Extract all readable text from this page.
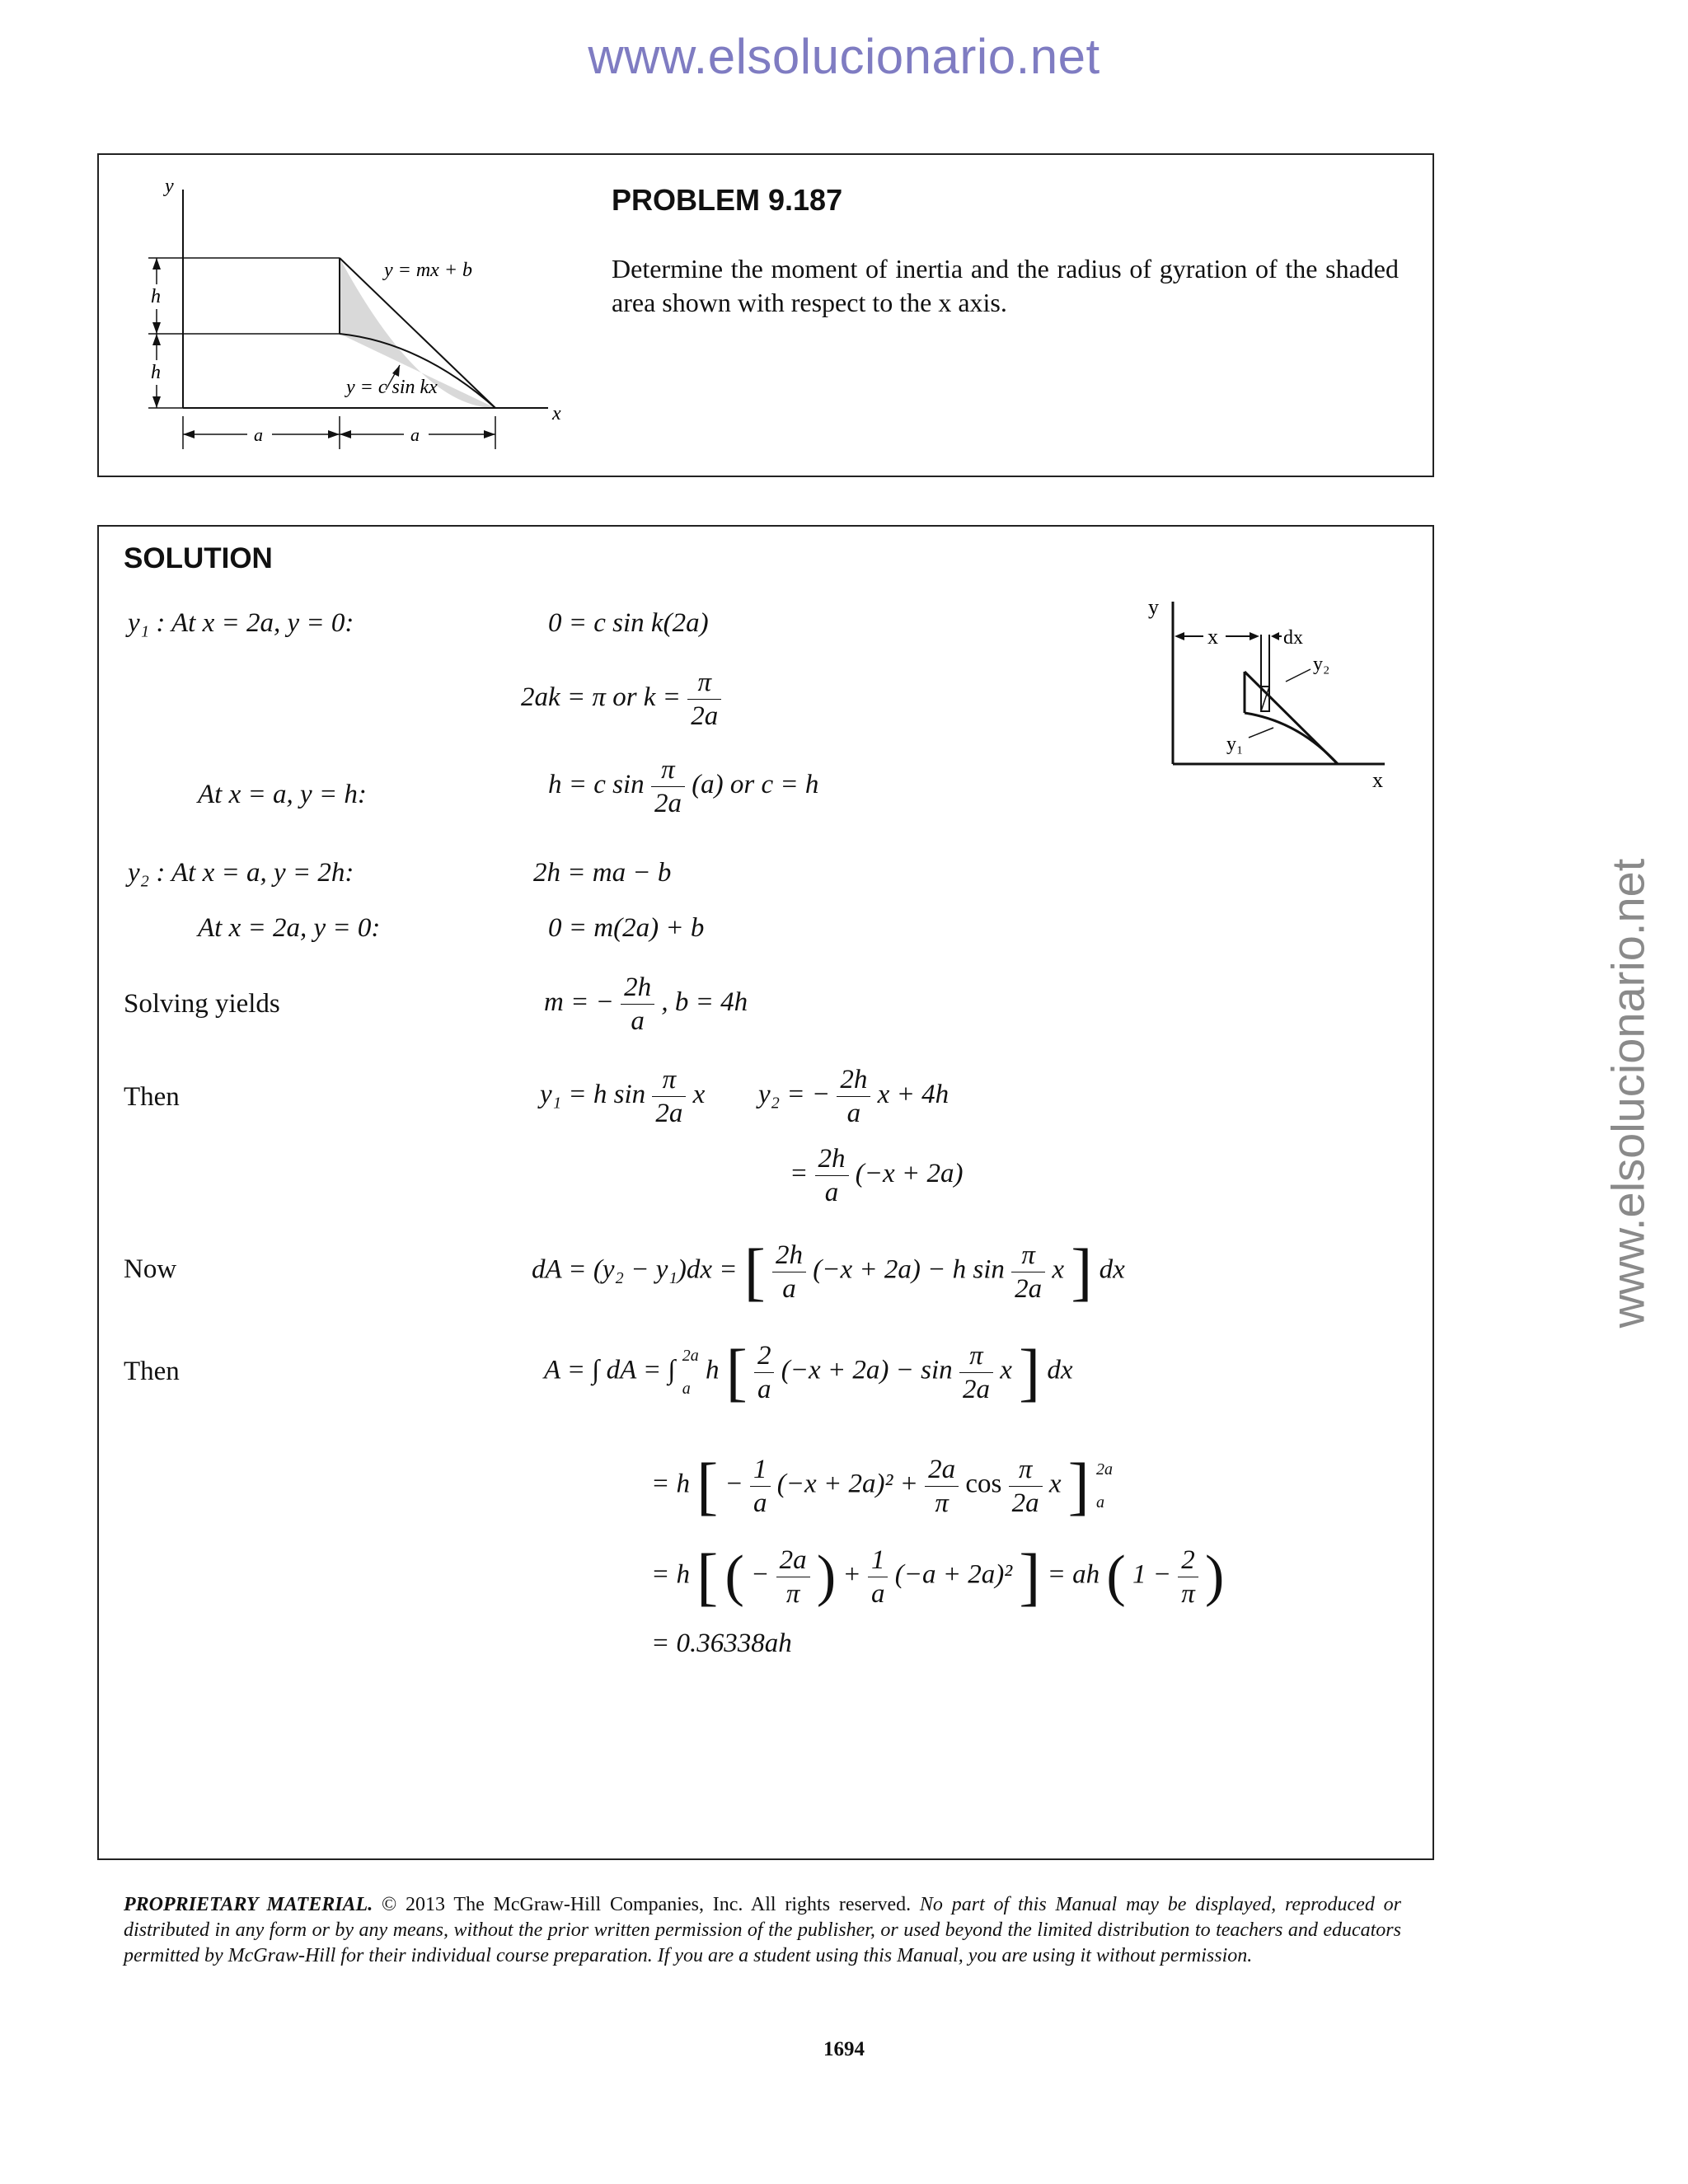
www.elsolucionario.net
www.elsolucionario.net
y
x
h
h
a	a
y = mx + b
y = c sin kx
PROBLEM 9.187
Determine the moment of inertia and the radius of gyration of the shaded area shown with respect to the x axis.
SOLUTION
y
x	dx
y₂
y₁
x
y₁ : At x = 2a, y = 0:	0 = c sin k(2a)
2ak = π or $k = \frac{\pi}{2a}$
At x = a, y = h:	h = c $\sin \frac{\pi}{2a} (a)$ or c = h
y₂ : At x = a, y = 2h:	2h = ma − b
At x = 2a, y = 0:	0 = m(2a) + b
Solving yields	m = − $\frac{2h}{a}$ , b = 4h
Then	y₁ = h $\sin \frac{\pi}{2a}$ x y₂ = − $\frac{2h}{a}$ x + 4h
= $\frac{2h}{a} (-x + 2a)$
Now	dA = (y₂ − y₁)dx = [ $\frac{2h}{a} (-x + 2a) - h$ $\sin \frac{\pi}{2a}$ x ] dx
Then	A = ∫ dA = ∫ 2a
a
h [ $\frac{2}{a} (-x + 2a) - \sin \frac{\pi}{2a}$ x ] dx
= h [ − $\frac{1}{a} (-x + 2a)^2 + \frac{2a}{\pi}$ $\cos \frac{\pi}{2a}$ x ] 2a
a
= h [ ( − $\frac{2a}{\pi}$ ) + $\frac{1}{a} (-a + 2a)^2$ ] = ah ( $1 - \frac{2}{\pi}$ )
= 0.36338ah
PROPRIETARY MATERIAL. © 2013 The McGraw-Hill Companies, Inc. All rights reserved. No part of this Manual may be displayed, reproduced or distributed in any form or by any means, without the prior written permission of the publisher, or used beyond the limited distribution to teachers and educators permitted by McGraw-Hill for their individual course preparation. If you are a student using this Manual, you are using it without permission.
1694
